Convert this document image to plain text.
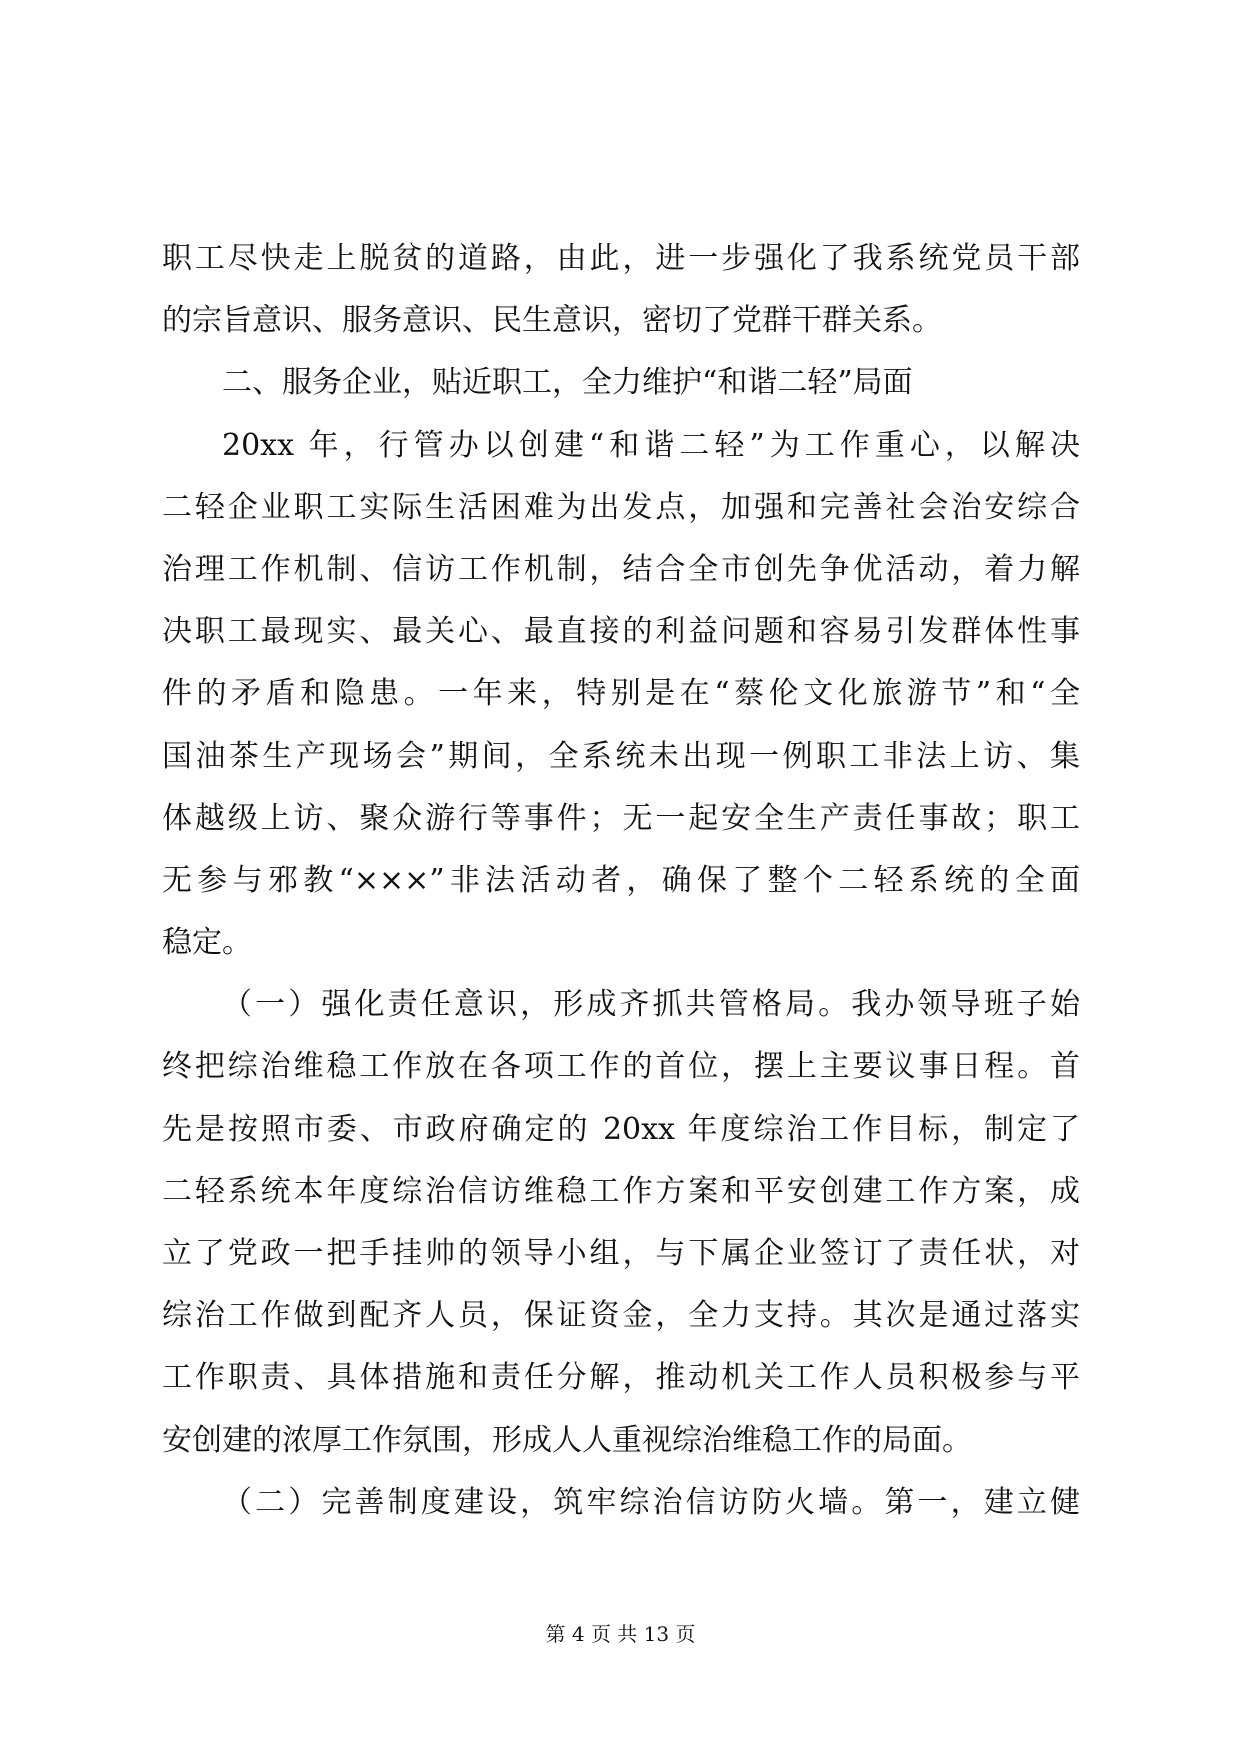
职工尽快走上脱贫的道路，由此，进一步强化了我系统党员干部
的宗旨意识、服务意识、民生意识，密切了党群干群关系。
二、服务企业，贴近职工，全力维护“和谐二轻”局面
20xx 年，行管办以创建“和谐二轻”为工作重心，以解决
二轻企业职工实际生活困难为出发点，加强和完善社会治安综合
治理工作机制、信访工作机制，结合全市创先争优活动，着力解
决职工最现实、最关心、最直接的利益问题和容易引发群体性事
件的矛盾和隐患。一年来，特别是在“蔡伦文化旅游节”和“全
国油茶生产现场会”期间，全系统未出现一例职工非法上访、集
体越级上访、聚众游行等事件；无一起安全生产责任事故；职工
无参与邪教“×××”非法活动者，确保了整个二轻系统的全面
稳定。
（一）强化责任意识，形成齐抓共管格局。我办领导班子始
终把综治维稳工作放在各项工作的首位，摆上主要议事日程。首
先是按照市委、市政府确定的 20xx 年度综治工作目标，制定了
二轻系统本年度综治信访维稳工作方案和平安创建工作方案，成
立了党政一把手挂帅的领导小组，与下属企业签订了责任状，对
综治工作做到配齐人员，保证资金，全力支持。其次是通过落实
工作职责、具体措施和责任分解，推动机关工作人员积极参与平
安创建的浓厚工作氛围，形成人人重视综治维稳工作的局面。
（二）完善制度建设，筑牢综治信访防火墙。第一，建立健
第 4 页 共 13 页
